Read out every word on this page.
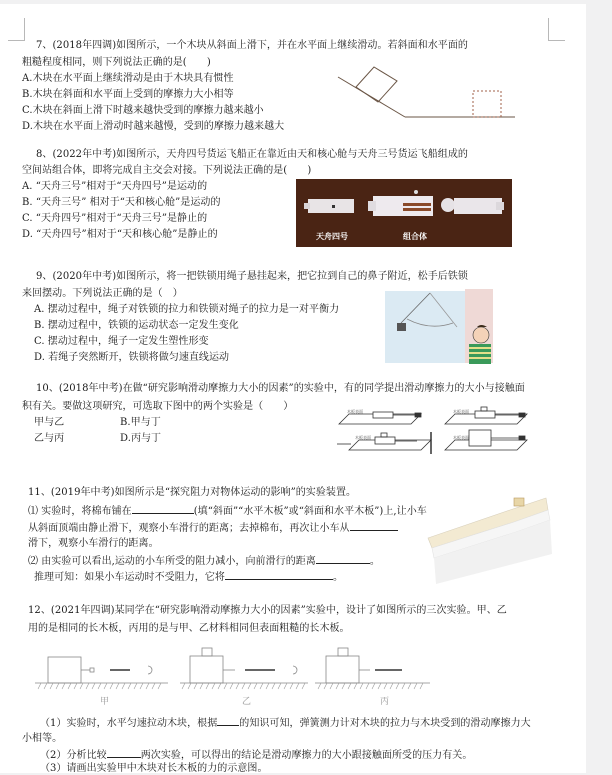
7、(2018年四调)如图所示，一个木块从斜面上滑下，并在水平面上继续滑动。若斜面和水平面的
粗糙程度相同，则下列说法正确的是(　　)
A.木块在水平面上继续滑动是由于木块具有惯性
B.木块在斜面和水平面上受到的摩擦力大小相等
C.木块在斜面上滑下时越来越快受到的摩擦力越来越小
D.木块在水平面上滑动时越来越慢，受到的摩擦力越来越大
8、(2022年中考)如图所示，天舟四号货运飞船正在靠近由天和核心舱与天舟三号货运飞船组成的
空间站组合体，即将完成自主交会对接。下列说法正确的是(　　)
A. “天舟三号”相对于“天舟四号”是运动的
B. “天舟三号” 相对于“天和核心舱”是运动的
C. “天舟四号”相对于“天舟三号”是静止的
D. “天舟四号”相对于“天和核心舱”是静止的	天舟四号	组合体
9、(2020年中考)如图所示，将一把铁锁用绳子悬挂起来，把它拉到自己的鼻子附近，松手后铁锁
来回摆动。下列说法正确的是（　）
A. 摆动过程中，绳子对铁锁的拉力和铁锁对绳子的拉力是一对平衡力
B. 摆动过程中，铁锁的运动状态一定发生变化
C. 摆动过程中，绳子一定发生塑性形变
D. 若绳子突然断开，铁锁将做匀速直线运动
10、(2018年中考)在做“研究影响滑动摩擦力大小的因素”的实验中，有的同学提出滑动摩擦力的大小与接触面
积有关。要做这项研究，可选取下图中的两个实验是（　　）
甲与乙	B.甲与丁
乙与丙	D.丙与丁
木板表面	木板表面
木板表面	木板表面
11、(2019年中考)如图所示是“探究阻力对物体运动的影响”的实验装置。
⑴ 实验时，将棉布铺在	(填“斜面”“水平木板”或“斜面和水平木板”)上,让小车
从斜面顶端由静止滑下，观察小车滑行的距离；去掉棉布，再次让小车从
滑下，观察小车滑行的距离。
⑵ 由实验可以看出,运动的小车所受的阻力减小，向前滑行的距离	。
推理可知：如果小车运动时不受阻力，它将	。
12、(2021年四调)某同学在“研究影响滑动摩擦力大小的因素”实验中，设计了如图所示的三次实验。甲、乙
用的是相同的长木板，丙用的是与甲、乙材料相同但表面粗糙的长木板。
甲	乙	丙
（1）实验时，水平匀速拉动木块，根据 的知识可知，弹簧测力计对木块的拉力与木块受到的滑动摩擦力大
小相等。
（2）分析比较	两次实验，可以得出的结论是滑动摩擦力的大小跟接触面所受的压力有关。
（3）请画出实验甲中木块对长木板的力的示意图。
